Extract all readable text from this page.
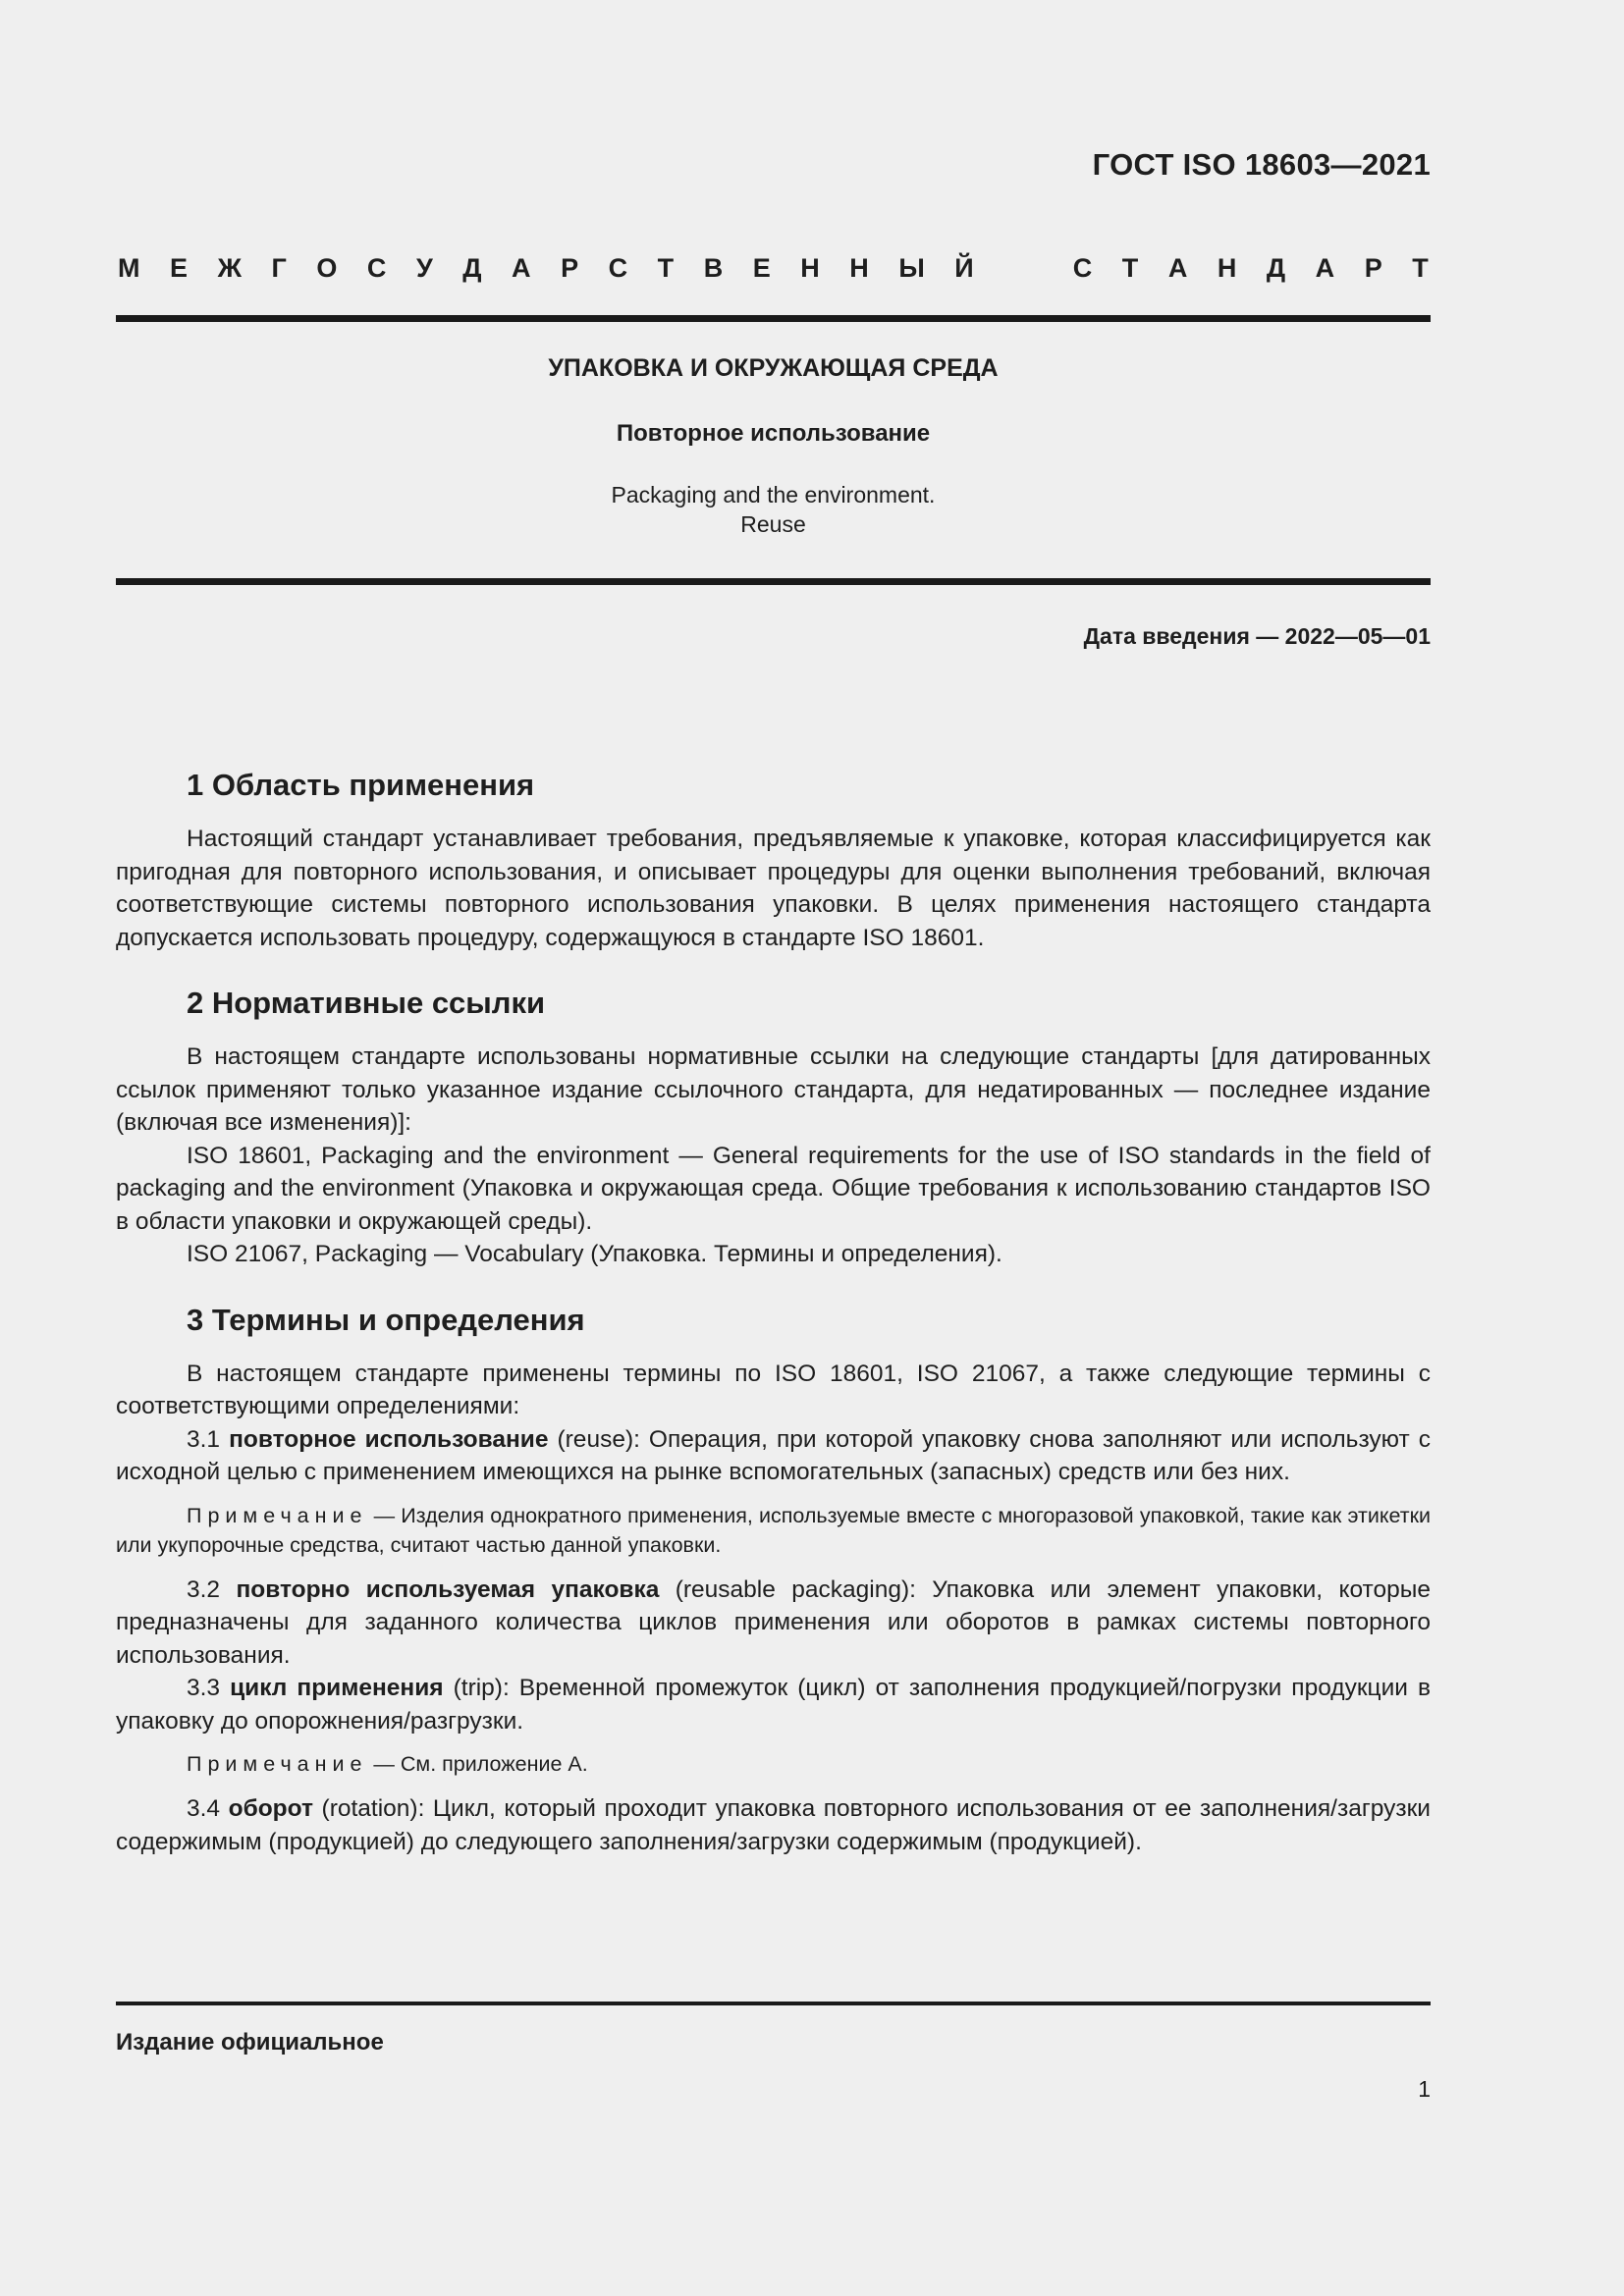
ГОСТ ISO 18603—2021
М Е Ж Г О С У Д А Р С Т В Е Н Н Ы Й	С Т А Н Д А Р Т
УПАКОВКА И ОКРУЖАЮЩАЯ СРЕДА
Повторное использование
Packaging and the environment.
Reuse
Дата введения — 2022—05—01
1 Область применения

Настоящий стандарт устанавливает требования, предъявляемые к упаковке, которая классифицируется как пригодная для повторного использования, и описывает процедуры для оценки выполнения требований, включая соответствующие системы повторного использования упаковки. В целях применения настоящего стандарта допускается использовать процедуру, содержащуюся в стандарте ISO 18601.

2 Нормативные ссылки

В настоящем стандарте использованы нормативные ссылки на следующие стандарты [для датированных ссылок применяют только указанное издание ссылочного стандарта, для недатированных — последнее издание (включая все изменения)]:

ISO 18601, Packaging and the environment — General requirements for the use of ISO standards in the field of packaging and the environment (Упаковка и окружающая среда. Общие требования к использованию стандартов ISO в области упаковки и окружающей среды).

ISO 21067, Packaging — Vocabulary (Упаковка. Термины и определения).

3 Термины и определения

В настоящем стандарте применены термины по ISO 18601, ISO 21067, а также следующие термины с соответствующими определениями:

3.1 повторное использование (reuse): Операция, при которой упаковку снова заполняют или используют с исходной целью с применением имеющихся на рынке вспомогательных (запасных) средств или без них.

Примечание — Изделия однократного применения, используемые вместе с многоразовой упаковкой, такие как этикетки или укупорочные средства, считают частью данной упаковки.

3.2 повторно используемая упаковка (reusable packaging): Упаковка или элемент упаковки, которые предназначены для заданного количества циклов применения или оборотов в рамках системы повторного использования.

3.3 цикл применения (trip): Временной промежуток (цикл) от заполнения продукцией/погрузки продукции в упаковку до опорожнения/разгрузки.

Примечание — См. приложение А.

3.4 оборот (rotation): Цикл, который проходит упаковка повторного использования от ее заполнения/загрузки содержимым (продукцией) до следующего заполнения/загрузки содержимым (продукцией).

Издание официальное
1
